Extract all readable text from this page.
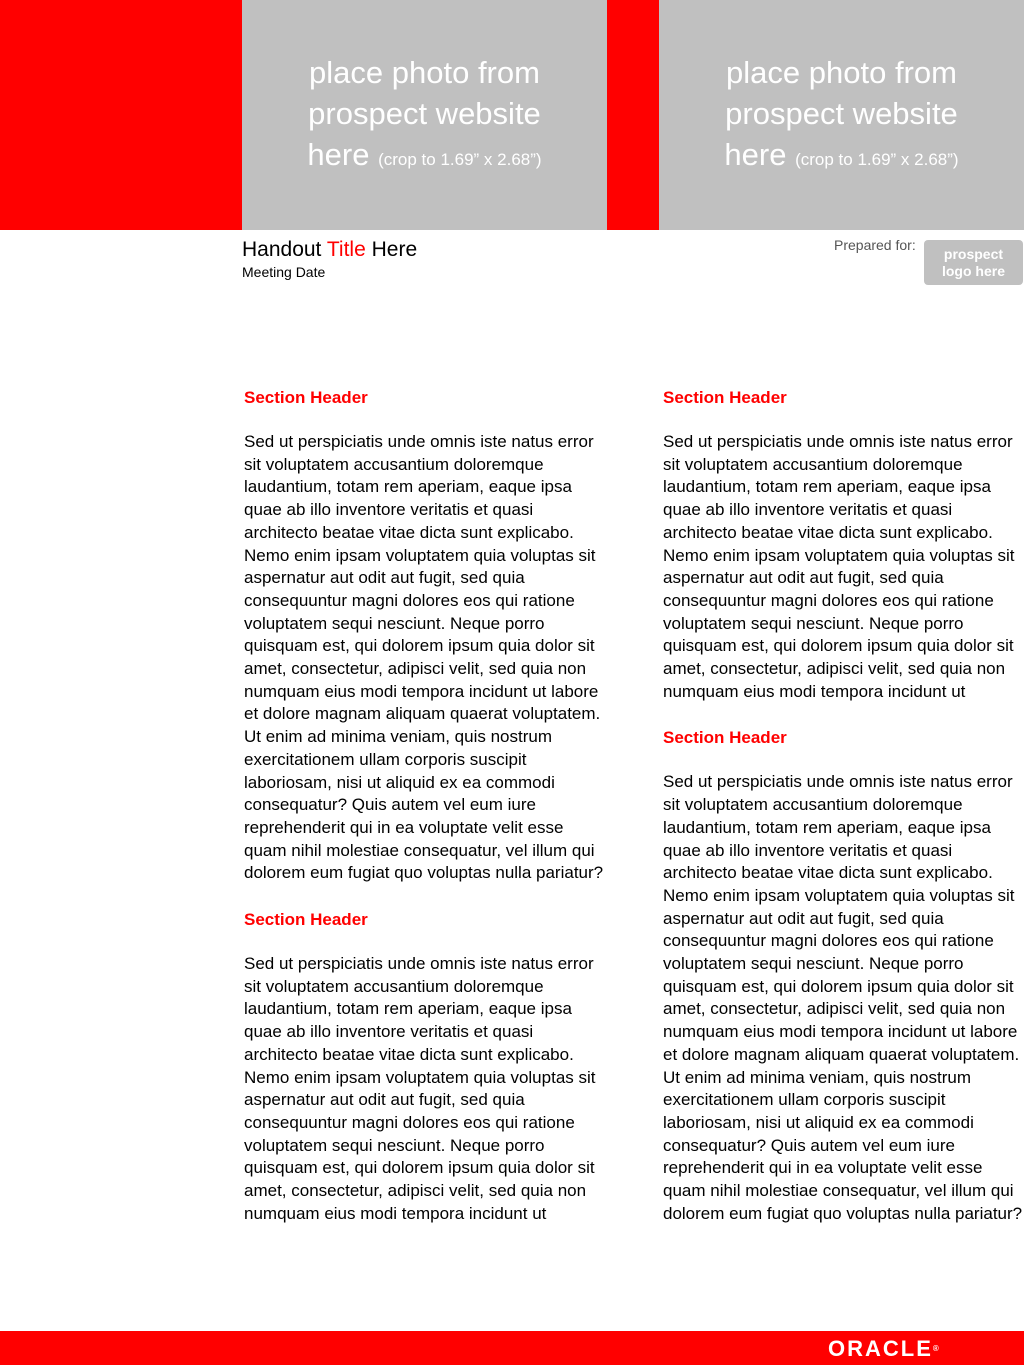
place photo from
prospect website
here (crop to 1.69” x 2.68”)
place photo from
prospect website
here (crop to 1.69” x 2.68”)
Handout Title Here
Meeting Date
Prepared for:
prospect
logo here

Section Header

Sed ut perspiciatis unde omnis iste natus error sit voluptatem accusantium doloremque laudantium, totam rem aperiam, eaque ipsa quae ab illo inventore veritatis et quasi architecto beatae vitae dicta sunt explicabo. Nemo enim ipsam voluptatem quia voluptas sit aspernatur aut odit aut fugit, sed quia consequuntur magni dolores eos qui ratione voluptatem sequi nesciunt. Neque porro quisquam est, qui dolorem ipsum quia dolor sit amet, consectetur, adipisci velit, sed quia non numquam eius modi tempora incidunt ut labore et dolore magnam aliquam quaerat voluptatem. Ut enim ad minima veniam, quis nostrum exercitationem ullam corporis suscipit laboriosam, nisi ut aliquid ex ea commodi consequatur? Quis autem vel eum iure reprehenderit qui in ea voluptate velit esse quam nihil molestiae consequatur, vel illum qui dolorem eum fugiat quo voluptas nulla pariatur?

Section Header

Sed ut perspiciatis unde omnis iste natus error sit voluptatem accusantium doloremque laudantium, totam rem aperiam, eaque ipsa quae ab illo inventore veritatis et quasi architecto beatae vitae dicta sunt explicabo. Nemo enim ipsam voluptatem quia voluptas sit aspernatur aut odit aut fugit, sed quia consequuntur magni dolores eos qui ratione voluptatem sequi nesciunt. Neque porro quisquam est, qui dolorem ipsum quia dolor sit amet, consectetur, adipisci velit, sed quia non numquam eius modi tempora incidunt ut

Section Header

Sed ut perspiciatis unde omnis iste natus error sit voluptatem accusantium doloremque laudantium, totam rem aperiam, eaque ipsa quae ab illo inventore veritatis et quasi architecto beatae vitae dicta sunt explicabo. Nemo enim ipsam voluptatem quia voluptas sit aspernatur aut odit aut fugit, sed quia consequuntur magni dolores eos qui ratione voluptatem sequi nesciunt. Neque porro quisquam est, qui dolorem ipsum quia dolor sit amet, consectetur, adipisci velit, sed quia non numquam eius modi tempora incidunt ut

Section Header

Sed ut perspiciatis unde omnis iste natus error sit voluptatem accusantium doloremque laudantium, totam rem aperiam, eaque ipsa quae ab illo inventore veritatis et quasi architecto beatae vitae dicta sunt explicabo. Nemo enim ipsam voluptatem quia voluptas sit aspernatur aut odit aut fugit, sed quia consequuntur magni dolores eos qui ratione voluptatem sequi nesciunt. Neque porro quisquam est, qui dolorem ipsum quia dolor sit amet, consectetur, adipisci velit, sed quia non numquam eius modi tempora incidunt ut labore et dolore magnam aliquam quaerat voluptatem. Ut enim ad minima veniam, quis nostrum exercitationem ullam corporis suscipit laboriosam, nisi ut aliquid ex ea commodi consequatur? Quis autem vel eum iure reprehenderit qui in ea voluptate velit esse quam nihil molestiae consequatur, vel illum qui dolorem eum fugiat quo voluptas nulla pariatur?

ORACLE®
